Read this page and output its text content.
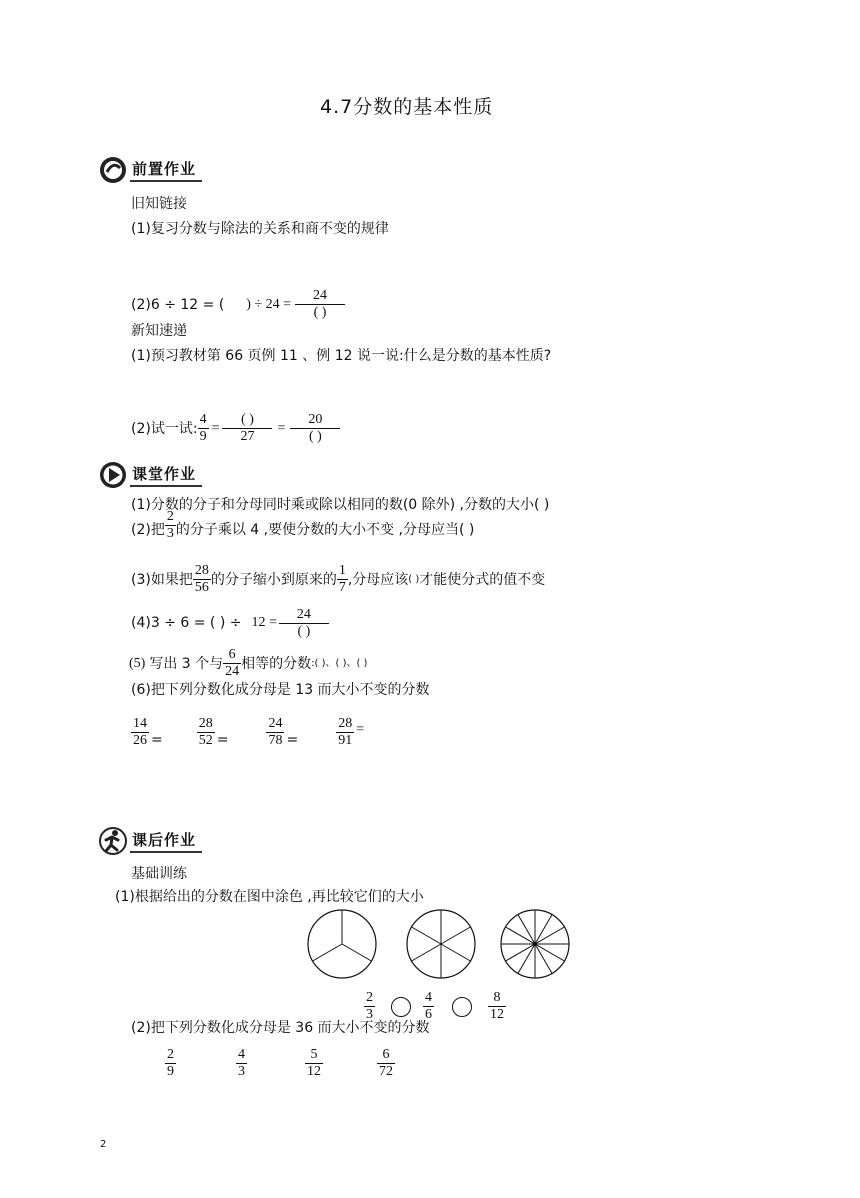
4.7分数的基本性质
前置作业
旧知链接
(1)复习分数与除法的关系和商不变的规律
(2)6 ÷ 12 = ( ) ÷ $24 = \frac{24}{( )}$
新知速递
(1)预习教材第 66 页例 11 、例 12 说一说:什么是分数的基本性质?
(2)试一试: $\frac{4}{9} = \frac{( )}{27} = \frac{20}{( )}$
课堂作业
(1)分数的分子和分母同时乘或除以相同的数(0 除外) ,分数的大小( )
(2)把 $\frac{2}{3}$ 的分子乘以 4 ,要使分数的大小不变 ,分母应当( )
(3)如果把 $\frac{28}{56}$ 的分子缩小到原来的 $\frac{1}{7}$ ,分母应该 ( ) 才能使分式的值不变
(4)3 ÷ 6 = ( ) ÷ $12 = \frac{24}{( )}$
(5) 写出 3 个与 $\frac{6}{24}$ 相等的分数 :( )、( )、( )
(6)把下列分数化成分母是 13 而大小不变的分数
$\frac{14}{26} = \frac{28}{52}$ =	$\frac{24}{78}$ =	$\frac{28}{91}$ =
课后作业
基础训练
(1)根据给出的分数在图中涂色 ,再比较它们的大小
$\frac{2}{3}$	$\frac{4}{6}$	$\frac{8}{12}$
(2)把下列分数化成分母是 36 而大小不变的分数
$\frac{2}{9}$	$\frac{4}{3}$	$\frac{5}{12}$	$\frac{6}{72}$
2
